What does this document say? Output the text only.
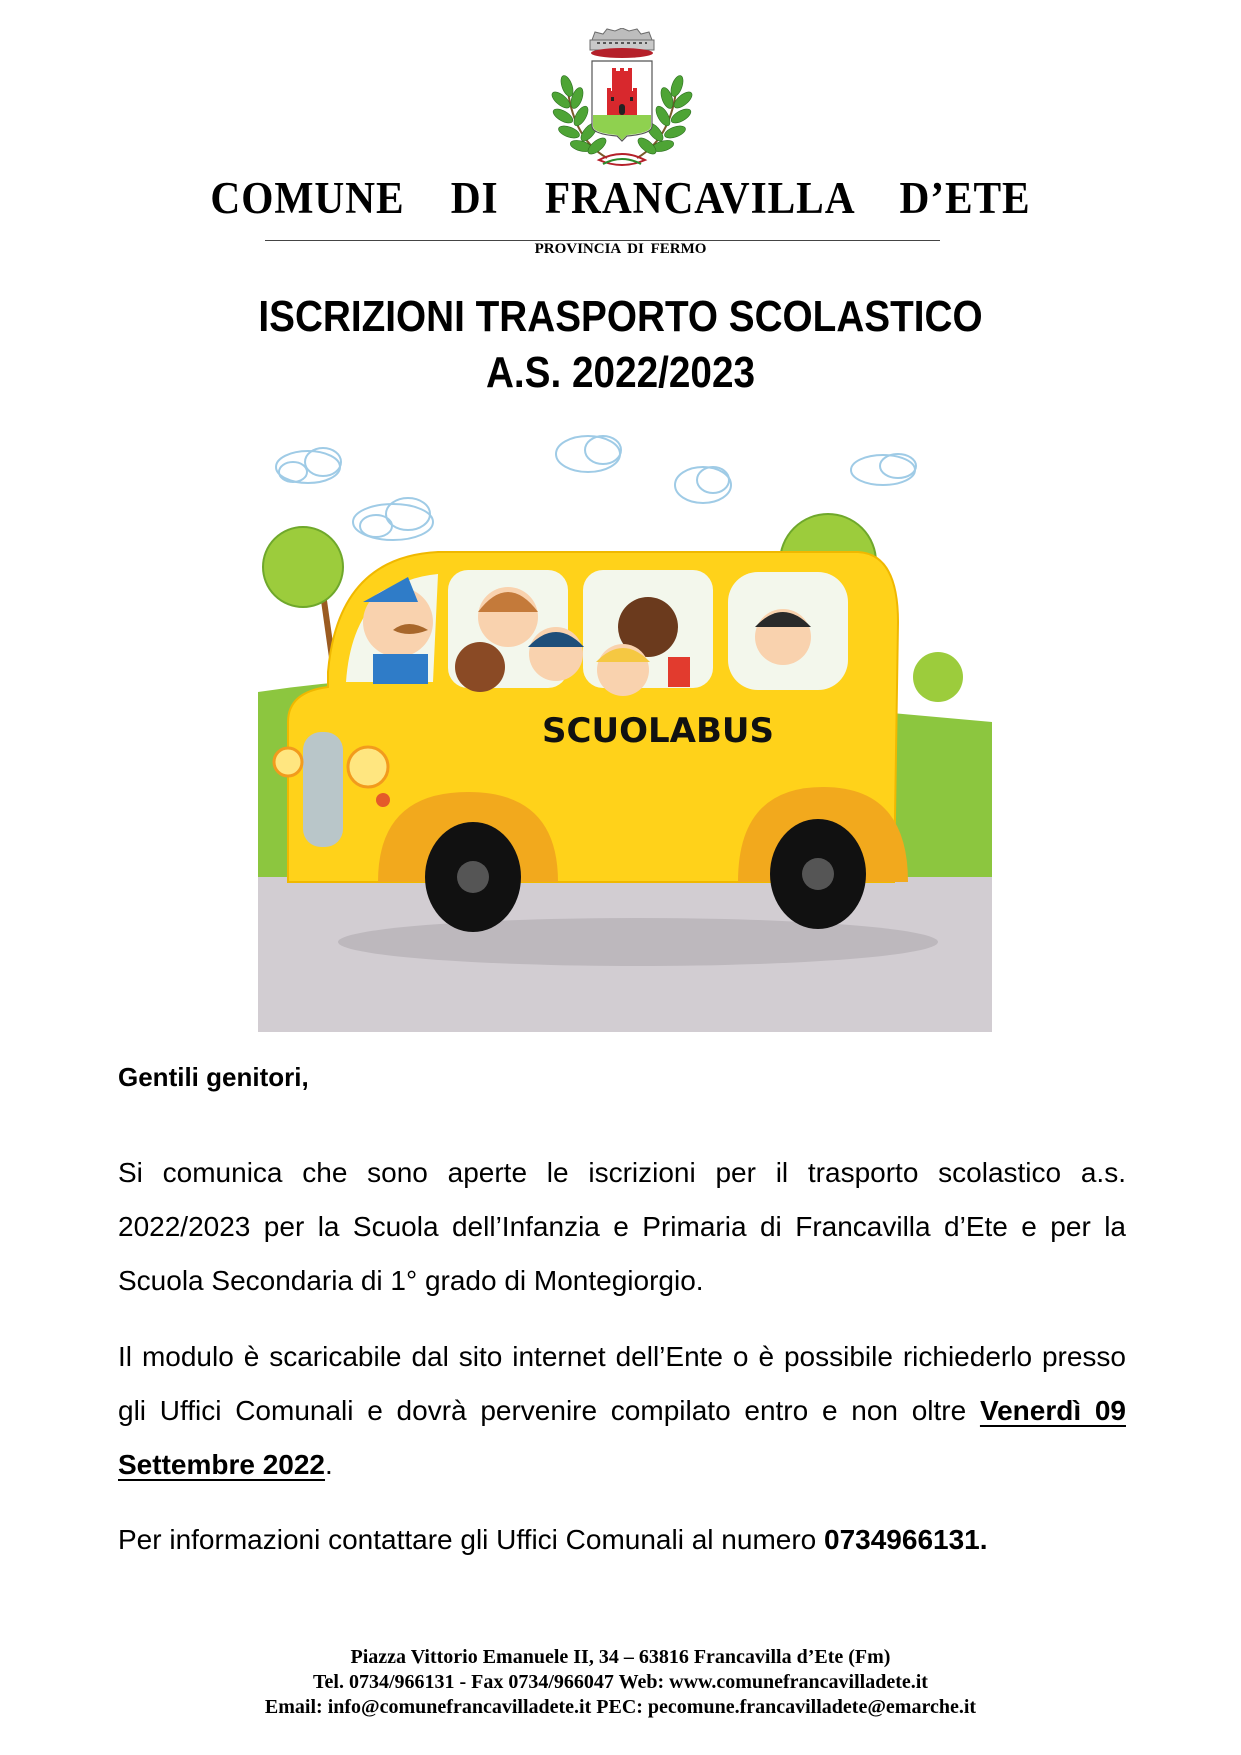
COMUNE DI FRANCAVILLA D’ETE
PROVINCIA DI FERMO
ISCRIZIONI TRASPORTO SCOLASTICO
A.S. 2022/2023
SCUOLABUS
Gentili genitori,
Si comunica che sono aperte le iscrizioni per il trasporto scolastico a.s. 2022/2023 per la Scuola dell’Infanzia e Primaria di Francavilla d’Ete e per la Scuola Secondaria di 1° grado di Montegiorgio.
Il modulo è scaricabile dal sito internet dell’Ente o è possibile richiederlo presso gli Uffici Comunali e dovrà pervenire compilato entro e non oltre Venerdì 09 Settembre 2022.
Per informazioni contattare gli Uffici Comunali al numero 0734966131.
Piazza Vittorio Emanuele II, 34 – 63816 Francavilla d’Ete (Fm)
Tel. 0734/966131 - Fax 0734/966047 Web: www.comunefrancavilladete.it
Email: info@comunefrancavilladete.it PEC: pecomune.francavilladete@emarche.it
